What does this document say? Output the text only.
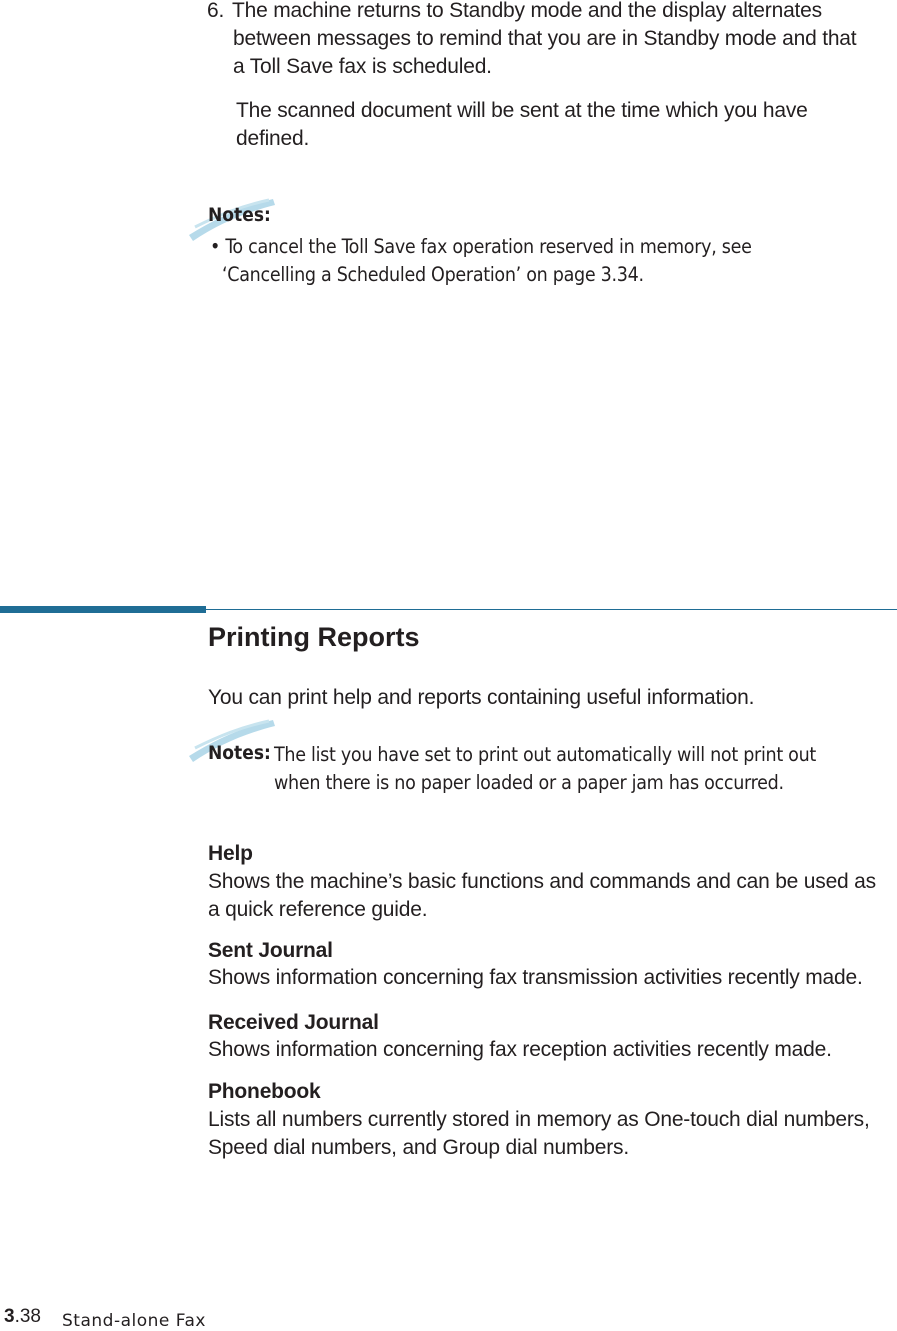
6. The machine returns to Standby mode and the display alternates
between messages to remind that you are in Standby mode and that
a Toll Save fax is scheduled.
The scanned document will be sent at the time which you have
defined.
Notes:
• To cancel the Toll Save fax operation reserved in memory, see
‘Cancelling a Scheduled Operation’ on page 3.34.
Printing Reports
You can print help and reports containing useful information.
Notes: The list you have set to print out automatically will not print out
when there is no paper loaded or a paper jam has occurred.
Help
Shows the machine’s basic functions and commands and can be used as
a quick reference guide.
Sent Journal
Shows information concerning fax transmission activities recently made.
Received Journal
Shows information concerning fax reception activities recently made.
Phonebook
Lists all numbers currently stored in memory as One-touch dial numbers,
Speed dial numbers, and Group dial numbers.
3.38 Stand-alone Fax
